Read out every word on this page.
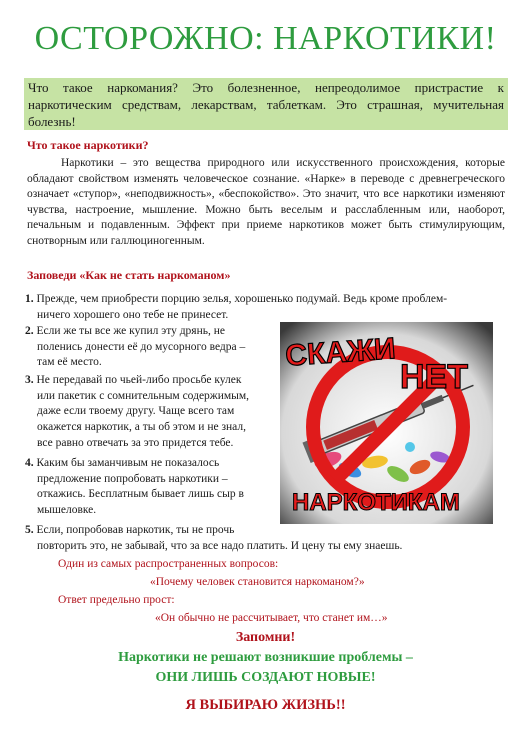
ОСТОРОЖНО: НАРКОТИКИ!
Что такое наркомания? Это болезненное, непреодолимое пристрастие к наркотическим средствам, лекарствам, таблеткам. Это страшная, мучительная болезнь!
Что такое наркотики?
Наркотики – это вещества природного или искусственного происхождения, которые обладают свойством изменять человеческое сознание. «Нарке» в переводе с древнегреческого означает «ступор», «неподвижность», «беспокойство». Это значит, что все наркотики изменяют чувства, настроение, мышление. Можно быть веселым и расслабленным или, наоборот, печальным и подавленным. Эффект при приеме наркотиков может быть стимулирующим, снотворным или галлюциногенным.
Заповеди «Как не стать наркоманом»
1. Прежде, чем приобрести порцию зелья, хорошенько подумай. Ведь кроме проблем-
ничего хорошего оно тебе не принесет.
2. Если же ты все же купил эту дрянь, не
поленись донести её до мусорного ведра –
там её место.
3. Не передавай по чьей-либо просьбе кулек
или пакетик с сомнительным содержимым,
даже если твоему другу. Чаще всего там
окажется наркотик, а ты об этом и не знал,
все равно отвечать за это придется тебе.
4. Каким бы заманчивым не показалось
предложение попробовать наркотики –
откажись. Бесплатным бывает лишь сыр в
мышеловке.
5. Если, попробовав наркотик, ты не прочь
повторить это, не забывай, что за все надо платить. И цену ты ему знаешь.
СКАЖИ
НЕТ
НАРКОТИКАМ
Один из самых распространенных вопросов:
«Почему человек становится наркоманом?»
Ответ предельно прост:
«Он обычно не рассчитывает, что станет им…»
Запомни!
Наркотики не решают возникшие проблемы –
ОНИ ЛИШЬ СОЗДАЮТ НОВЫЕ!
Я ВЫБИРАЮ ЖИЗНЬ!!
